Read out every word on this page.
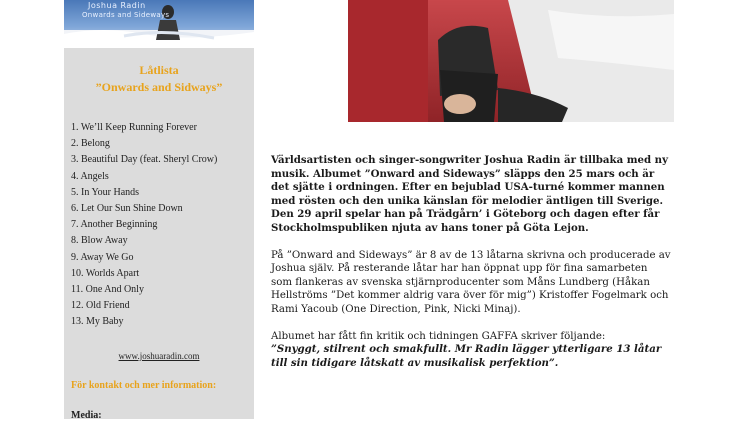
Joshua Radin
Onwards and Sideways
Låtlista
”Onwards and Sidways”
1. We’ll Keep Running Forever
2. Belong
3. Beautiful Day (feat. Sheryl Crow)
4. Angels
5. In Your Hands
6. Let Our Sun Shine Down
7. Another Beginning
8. Blow Away
9. Away We Go
10. Worlds Apart
11. One And Only
12. Old Friend
13. My Baby
www.joshuaradin.com
För kontakt och mer information:
Media:

Världsartisten och singer-songwriter Joshua Radin är tillbaka med ny musik. Albumet ”Onward and Sideways” släpps den 25 mars och är det sjätte i ordningen. Efter en bejublad USA-turné kommer mannen med rösten och den unika känslan för melodier äntligen till Sverige. Den 29 april spelar han på Trädgårn’ i Göteborg och dagen efter får Stockholmspubliken njuta av hans toner på Göta Lejon.

På ”Onward and Sideways” är 8 av de 13 låtarna skrivna och producerade av Joshua själv. På resterande låtar har han öppnat upp för fina samarbeten som flankeras av svenska stjärnproducenter som Måns Lundberg (Håkan Hellströms ”Det kommer aldrig vara över för mig”) Kristoffer Fogelmark och Rami Yacoub (One Direction, Pink, Nicki Minaj).

Albumet har fått fin kritik och tidningen GAFFA skriver följande:
”Snyggt, stilrent och smakfullt. Mr Radin lägger ytterligare 13 låtar till sin tidigare låtskatt av musikalisk perfektion”.
